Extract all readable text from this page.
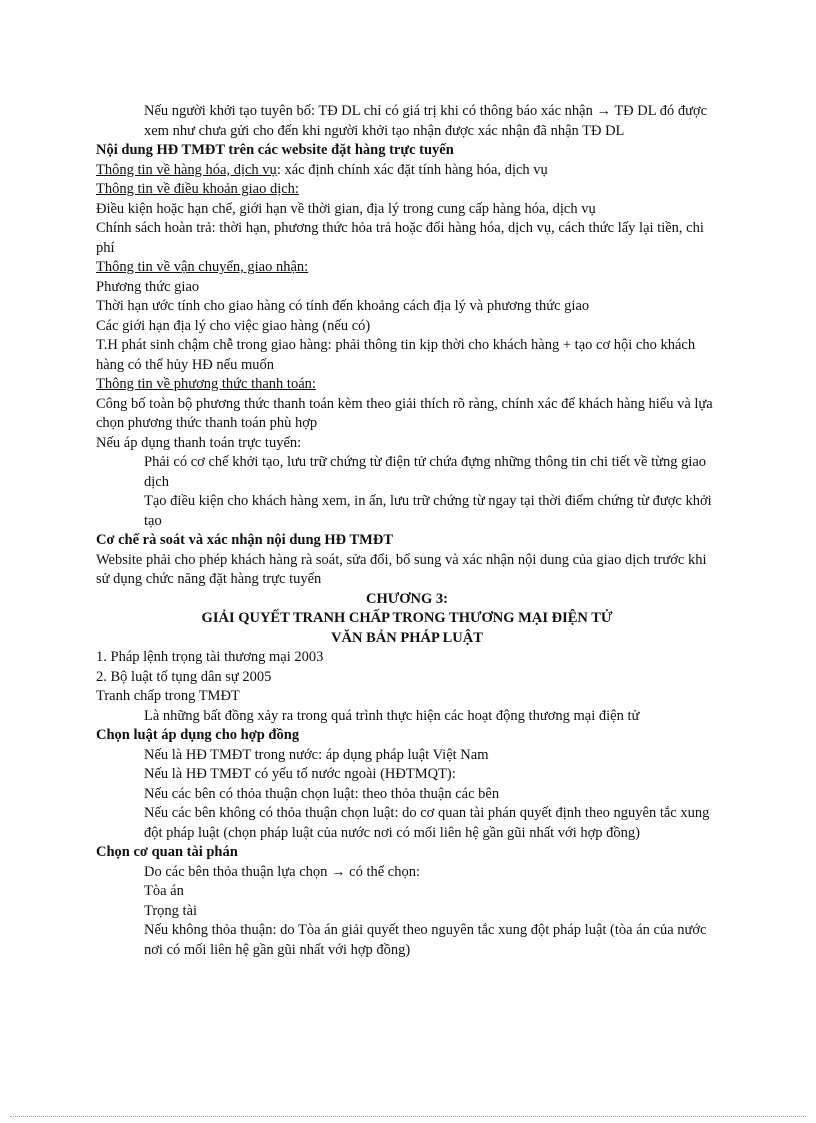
Nếu người khởi tạo tuyên bố: TĐ DL chỉ có giá trị khi có thông báo xác nhận → TĐ DL đó được xem như chưa gửi cho đến khi người khởi tạo nhận được xác nhận đã nhận TĐ DL

Nội dung HĐ TMĐT trên các website đặt hàng trực tuyến

Thông tin về hàng hóa, dịch vụ: xác định chính xác đặt tính hàng hóa, dịch vụ

Thông tin về điều khoản giao dịch:

Điều kiện hoặc hạn chế, giới hạn về thời gian, địa lý trong cung cấp hàng hóa, dịch vụ

Chính sách hoàn trả: thời hạn, phương thức hỏa trả hoặc đổi hàng hóa, dịch vụ, cách thức lấy lại tiền, chi phí

Thông tin về vận chuyển, giao nhận:

Phương thức giao

Thời hạn ước tính cho giao hàng có tính đến khoảng cách địa lý và phương thức giao

Các giới hạn địa lý cho việc giao hàng (nếu có)

T.H phát sinh chậm chễ trong giao hàng: phải thông tin kịp thời cho khách hàng + tạo cơ hội cho khách hàng có thể hủy HĐ nếu muốn

Thông tin về phương thức thanh toán:

Công bố toàn bộ phương thức thanh toán kèm theo giải thích rõ ràng, chính xác để khách hàng hiểu và lựa chọn phương thức thanh toán phù hợp

Nếu áp dụng thanh toán trực tuyến:

Phải có cơ chế khởi tạo, lưu trữ chứng từ điện tử chứa đựng những thông tin chi tiết về từng giao dịch

Tạo điều kiện cho khách hàng xem, in ấn, lưu trữ chứng từ ngay tại thời điểm chứng từ được khởi tạo

Cơ chế rà soát và xác nhận nội dung HĐ TMĐT

Website phải cho phép khách hàng rà soát, sửa đổi, bổ sung và xác nhận nội dung của giao dịch trước khi sử dụng chức năng đặt hàng trực tuyến

CHƯƠNG 3:

GIẢI QUYẾT TRANH CHẤP TRONG THƯƠNG MẠI ĐIỆN TỬ

VĂN BẢN PHÁP LUẬT

1. Pháp lệnh trọng tài thương mại 2003

2. Bộ luật tố tụng dân sự 2005

Tranh chấp trong TMĐT

Là những bất đồng xảy ra trong quá trình thực hiện các hoạt động thương mại điện tử

Chọn luật áp dụng cho hợp đồng

Nếu là HĐ TMĐT trong nước: áp dụng pháp luật Việt Nam

Nếu là HĐ TMĐT có yếu tố nước ngoài (HĐTMQT):

Nếu các bên có thỏa thuận chọn luật: theo thỏa thuận các bên

Nếu các bên không có thỏa thuận chọn luật: do cơ quan tài phán quyết định theo nguyên tắc xung đột pháp luật (chọn pháp luật của nước nơi có mối liên hệ gần gũi nhất với hợp đồng)

Chọn cơ quan tài phán

Do các bên thỏa thuận lựa chọn → có thể chọn:

Tòa án

Trọng tài

Nếu không thỏa thuận: do Tòa án giải quyết theo nguyên tắc xung đột pháp luật (tòa án của nước nơi có mối liên hệ gần gũi nhất với hợp đồng)
